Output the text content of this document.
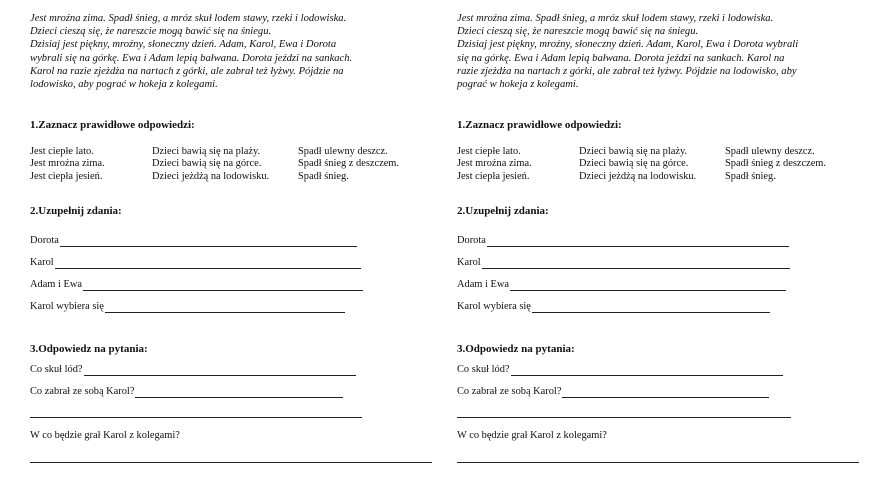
Jest mroźna zima. Spadł śnieg, a mróz skuł lodem stawy, rzeki i lodowiska.
Dzieci cieszą się, że nareszcie mogą bawić się na śniegu.
Dzisiaj jest piękny, mroźny, słoneczny dzień. Adam, Karol, Ewa i Dorota
wybrali się na górkę. Ewa i Adam lepią bałwana. Dorota jeździ na sankach.
Karol na razie zjeżdża na nartach z górki, ale zabrał też łyżwy. Pójdzie na
lodowisko, aby pograć w hokeja z kolegami.

1.Zaznacz prawidłowe odpowiedzi:
Jest ciepłe lato.	Dzieci bawią się na plaży.	Spadł ulewny deszcz.
Jest mroźna zima.	Dzieci bawią się na górce.	Spadł śnieg z deszczem.
Jest ciepła jesień.	Dzieci jeżdżą na lodowisku.	Spadł śnieg.
2.Uzupełnij zdania:
Dorota
Karol
Adam i Ewa
Karol wybiera się
3.Odpowiedz na pytania:
Co skuł lód?
Co zabrał ze sobą Karol?
W co będzie grał Karol z kolegami?

Jest mroźna zima. Spadł śnieg, a mróz skuł lodem stawy, rzeki i lodowiska.
Dzieci cieszą się, że nareszcie mogą bawić się na śniegu.
Dzisiaj jest piękny, mroźny, słoneczny dzień. Adam, Karol, Ewa i Dorota wybrali
się na górkę. Ewa i Adam lepią bałwana. Dorota jeździ na sankach. Karol na
razie zjeżdża na nartach z górki, ale zabrał też łyżwy. Pójdzie na lodowisko, aby
pograć w hokeja z kolegami.

1.Zaznacz prawidłowe odpowiedzi:
Jest ciepłe lato.	Dzieci bawią się na plaży.	Spadł ulewny deszcz.
Jest mroźna zima.	Dzieci bawią się na górce.	Spadł śnieg z deszczem.
Jest ciepła jesień.	Dzieci jeżdżą na lodowisku.	Spadł śnieg.
2.Uzupełnij zdania:
Dorota
Karol
Adam i Ewa
Karol wybiera się
3.Odpowiedz na pytania:
Co skuł lód?
Co zabrał ze sobą Karol?
W co będzie grał Karol z kolegami?
